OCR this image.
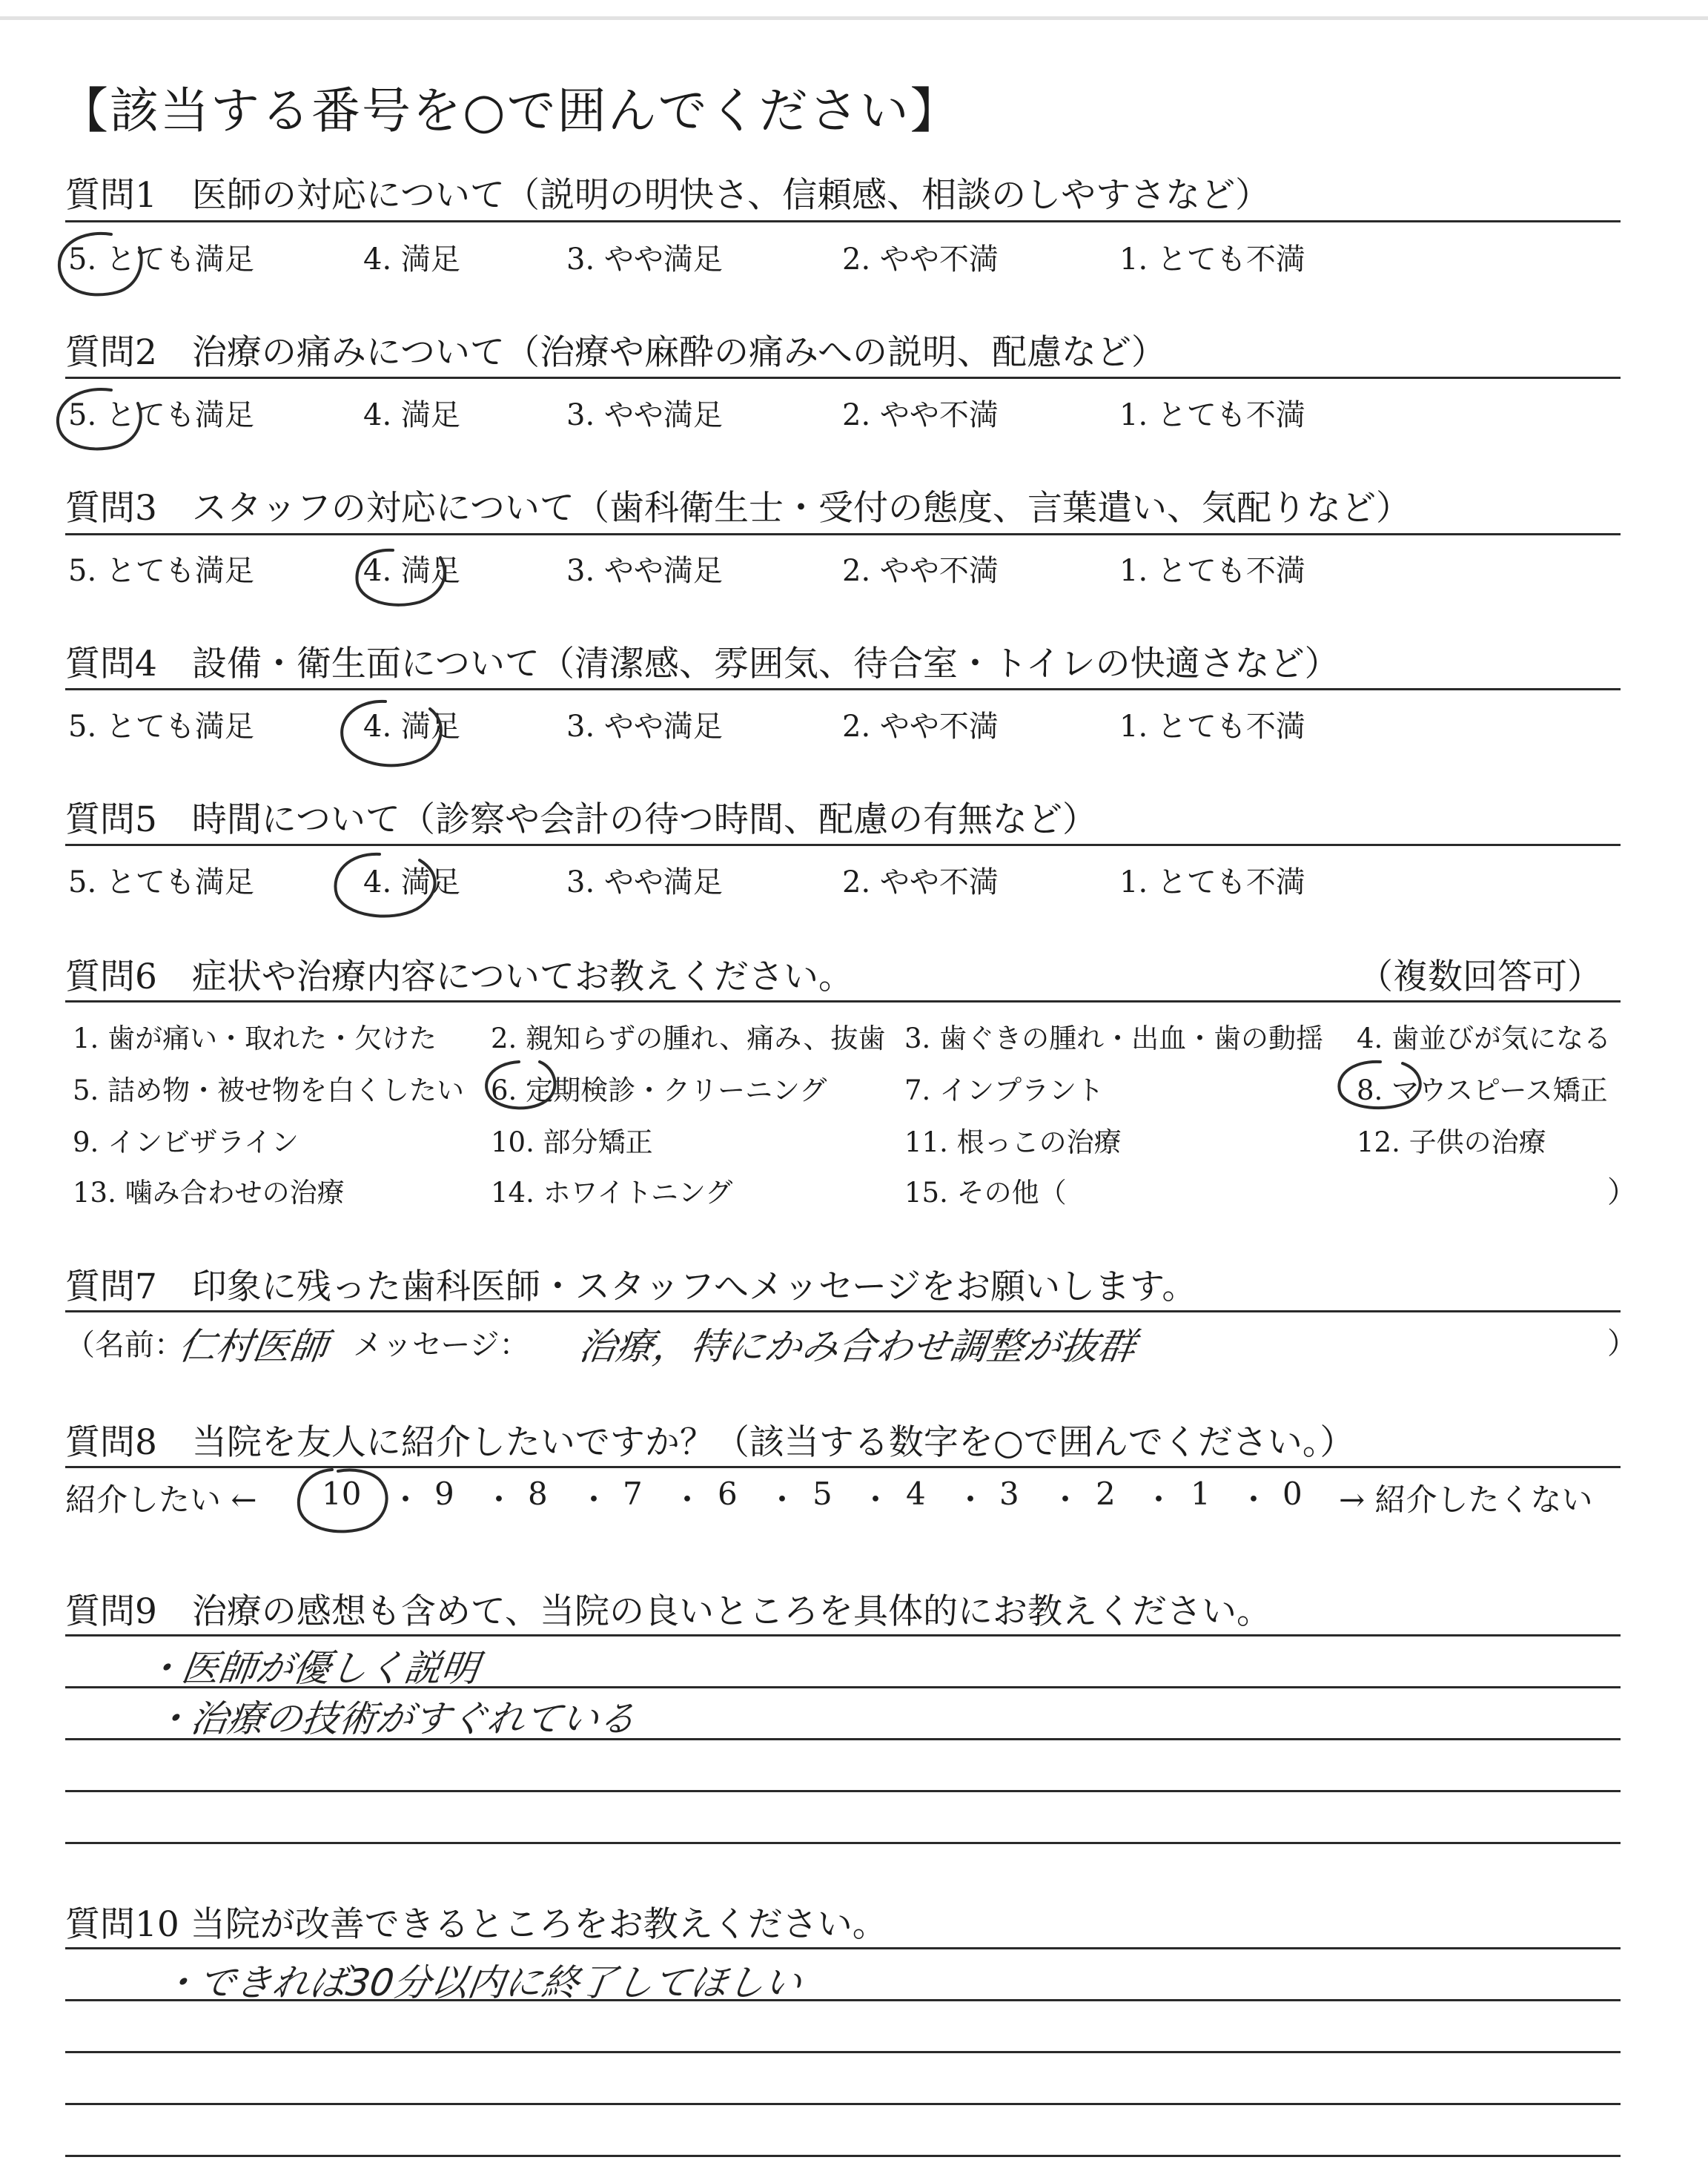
【該当する番号を○で囲んでください】
質問1　医師の対応について（説明の明快さ、信頼感、相談のしやすさなど）
5. とても満足	4. 満足	3. やや満足	2. やや不満	1. とても不満
質問2　治療の痛みについて（治療や麻酔の痛みへの説明、配慮など）
5. とても満足	4. 満足	3. やや満足	2. やや不満	1. とても不満
質問3　スタッフの対応について（歯科衛生士・受付の態度、言葉遣い、気配りなど）
5. とても満足	4. 満足	3. やや満足	2. やや不満	1. とても不満
質問4　設備・衛生面について（清潔感、雰囲気、待合室・トイレの快適さなど）
5. とても満足	4. 満足	3. やや満足	2. やや不満	1. とても不満
質問5　時間について（診察や会計の待つ時間、配慮の有無など）
5. とても満足	4. 満足	3. やや満足	2. やや不満	1. とても不満
質問6　症状や治療内容についてお教えください。	（複数回答可）
1. 歯が痛い・取れた・欠けた 2. 親知らずの腫れ、痛み、抜歯 3. 歯ぐきの腫れ・出血・歯の動揺 4. 歯並びが気になる
5. 詰め物・被せ物を白くしたい 6. 定期検診・クリーニング	7. インプラント	8. マウスピース矯正
9. インビザライン	10. 部分矯正	11. 根っこの治療	12. 子供の治療
13. 噛み合わせの治療	14. ホワイトニング	15. その他（	）
質問7　印象に残った歯科医師・スタッフへメッセージをお願いします。
（名前：
仁村医師 メッセージ： 治療，特にかみ合わせ調整が抜群	）
質問8　当院を友人に紹介したいですか？（該当する数字を○で囲んでください。）
紹介したい ← 10 ・ 9 ・ 8 ・ 7 ・ 6 ・ 5 ・ 4 ・ 3 ・ 2 ・ 1 ・ 0 → 紹介したくない
質問9　治療の感想も含めて、当院の良いところを具体的にお教えください。
・医師が優しく説明
・治療の技術がすぐれている
質問10 当院が改善できるところをお教えください。
・できれば30分以内に終了してほしい
